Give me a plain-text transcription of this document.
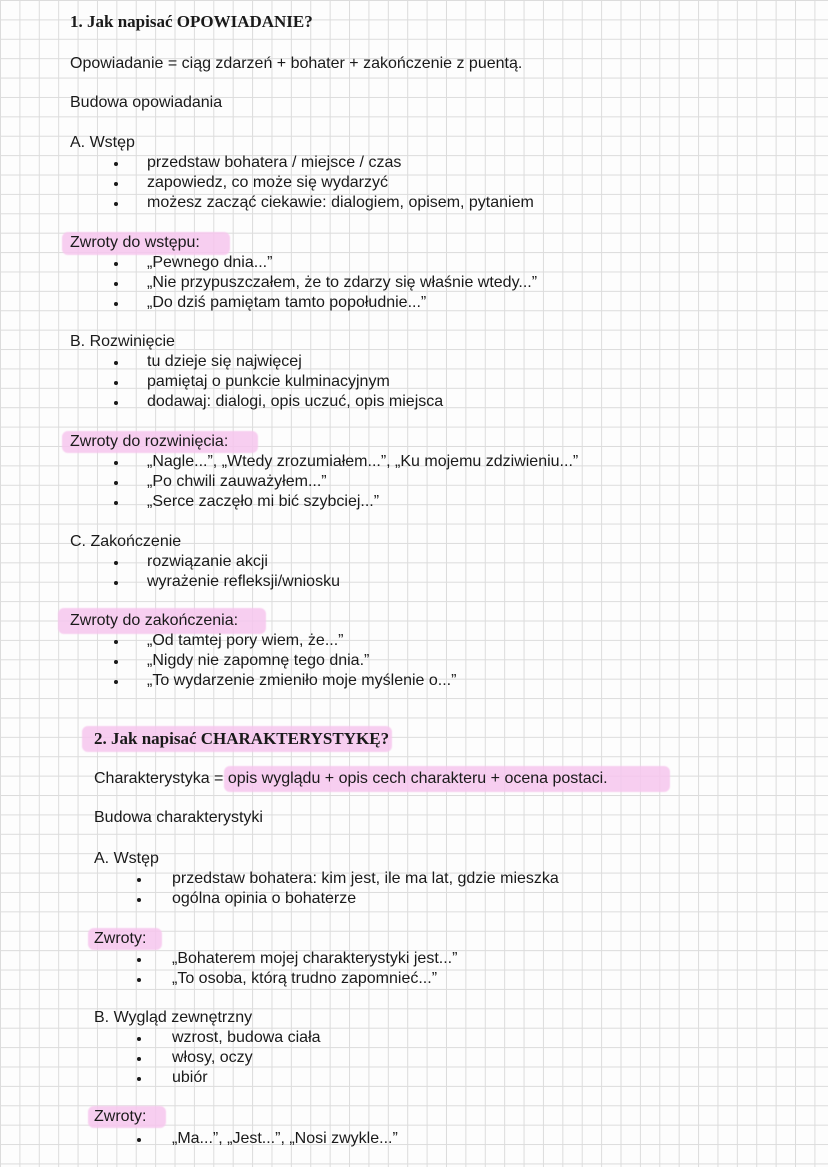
1. Jak napisać OPOWIADANIE?
Opowiadanie = ciąg zdarzeń + bohater + zakończenie z puentą.
Budowa opowiadania
A. Wstęp
przedstaw bohatera / miejsce / czas
zapowiedz, co może się wydarzyć
możesz zacząć ciekawie: dialogiem, opisem, pytaniem
Zwroty do wstępu:
„Pewnego dnia...”
„Nie przypuszczałem, że to zdarzy się właśnie wtedy...”
„Do dziś pamiętam tamto popołudnie...”
B. Rozwinięcie
tu dzieje się najwięcej
pamiętaj o punkcie kulminacyjnym
dodawaj: dialogi, opis uczuć, opis miejsca
Zwroty do rozwinięcia:
„Nagle...”, „Wtedy zrozumiałem...”, „Ku mojemu zdziwieniu...”
„Po chwili zauważyłem...”
„Serce zaczęło mi bić szybciej...”
C. Zakończenie
rozwiązanie akcji
wyrażenie refleksji/wniosku
Zwroty do zakończenia:
„Od tamtej pory wiem, że...”
„Nigdy nie zapomnę tego dnia.”
„To wydarzenie zmieniło moje myślenie o...”
2. Jak napisać CHARAKTERYSTYKĘ?
Charakterystyka = opis wyglądu + opis cech charakteru + ocena postaci.
Budowa charakterystyki
A. Wstęp
przedstaw bohatera: kim jest, ile ma lat, gdzie mieszka
ogólna opinia o bohaterze
Zwroty:
„Bohaterem mojej charakterystyki jest...”
„To osoba, którą trudno zapomnieć...”
B. Wygląd zewnętrzny
wzrost, budowa ciała
włosy, oczy
ubiór
Zwroty:
„Ma...”, „Jest...”, „Nosi zwykle...”
